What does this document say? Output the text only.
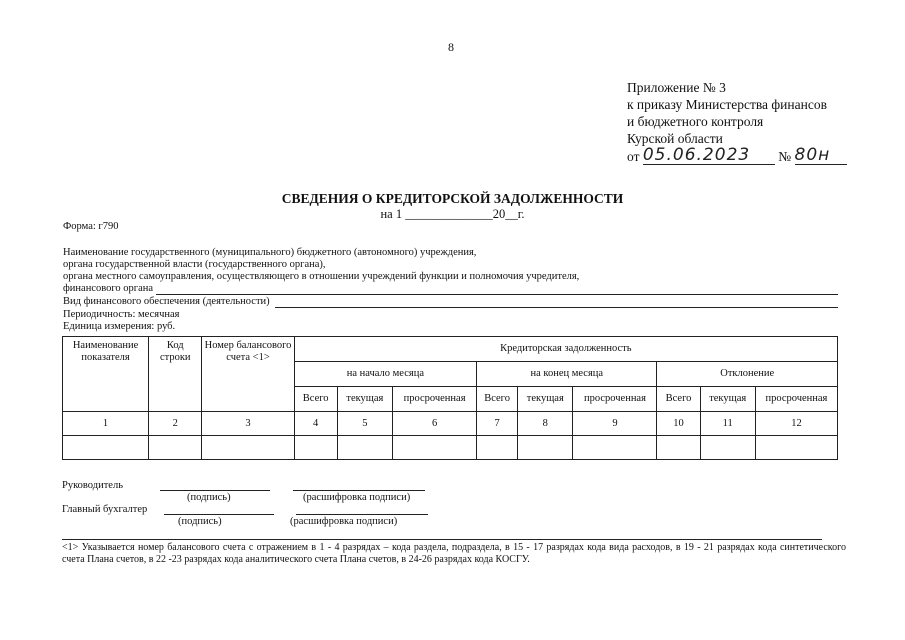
8
Приложение № 3
к приказу Министерства финансов
и бюджетного контроля
Курской области
от 05.06.2023 № 80н
СВЕДЕНИЯ О КРЕДИТОРСКОЙ ЗАДОЛЖЕННОСТИ
на 1 ______________20__г.
Форма: г790
Наименование государственного (муниципального) бюджетного (автономного) учреждения,
органа государственной власти (государственного органа),
органа местного самоуправления, осуществляющего в отношении учреждений функции и полномочия учредителя,
финансового органа
Вид финансового обеспечения (деятельности)
Периодичность: месячная
Единица измерения: руб.
Наименование показателя	Код строки	Номер балансового счета <1>	Кредиторская задолженность								
			на начало месяца			на конец месяца			Отклонение		
			Всего	текущая	просроченная	Всего	текущая	просроченная	Всего	текущая	просроченная
1	2	3	4	5	6	7	8	9	10	11	12

Руководитель
(подпись)	(расшифровка подписи)
Главный бухгалтер
(подпись)	(расшифровка подписи)
<1> Указывается номер балансового счета с отражением в 1 - 4 разрядах – кода раздела, подраздела, в 15 - 17 разрядах кода вида расходов, в 19 - 21 разрядах кода синтетического счета Плана счетов, в 22 -23 разрядах кода аналитического счета Плана счетов, в 24-26 разрядах кода КОСГУ.
